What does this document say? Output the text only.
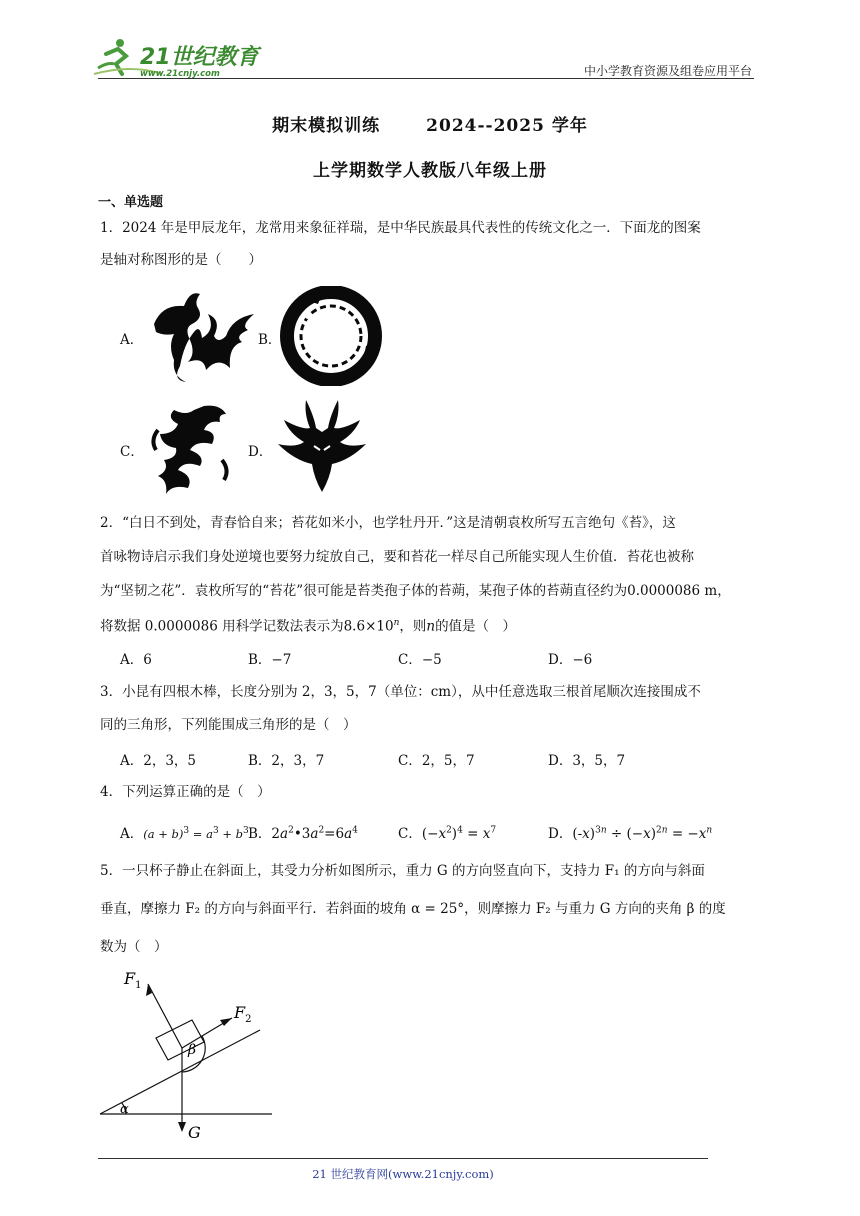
21世纪教育
www.21cnjy.com	中小学教育资源及组卷应用平台
期末模拟训练	2024--2025 学年
上学期数学人教版八年级上册
一、单选题
1．2024 年是甲辰龙年，龙常用来象征祥瑞，是中华民族最具代表性的传统文化之一．下面龙的图案
是轴对称图形的是（　　）
A．	B．
C．	D．
2．“白日不到处，青春恰自来；苔花如米小，也学牡丹开．”这是清朝袁枚所写五言绝句《苔》，这
首咏物诗启示我们身处逆境也要努力绽放自己，要和苔花一样尽自己所能实现人生价值．苔花也被称
为“坚韧之花”．袁枚所写的“苔花”很可能是苔类孢子体的苔蒴，某孢子体的苔蒴直径约为0.0000086 m，
将数据 0.0000086 用科学记数法表示为$8.6\times 10^n$，则n的值是（　）
A．6	B．−7	C．−5	D．−6
3．小昆有四根木棒，长度分别为 2，3，5，7（单位：cm），从中任意选取三根首尾顺次连接围成不
同的三角形，下列能围成三角形的是（　）
A．2，3，5	B．2，3，7	C．2，5，7	D．3，5，7
4．下列运算正确的是（　）
A．$(a + b)^3 = a^3 + b^3$ B．$2a^2•3a^2=6a^4$	C．$(-x^2)^4 = x^7$	D．$(-x)^{3n} \div (-x)^{2n} = -x^n$
5．一只杯子静止在斜面上，其受力分析如图所示，重力 G 的方向竖直向下，支持力 F₁ 的方向与斜面
垂直，摩擦力 F₂ 的方向与斜面平行．若斜面的坡角 α = 25°，则摩擦力 F₂ 与重力 G 方向的夹角 β 的度
数为（　）
$F_1$
$F_2$
β
α
G
21 世纪教育网(www.21cnjy.com)
